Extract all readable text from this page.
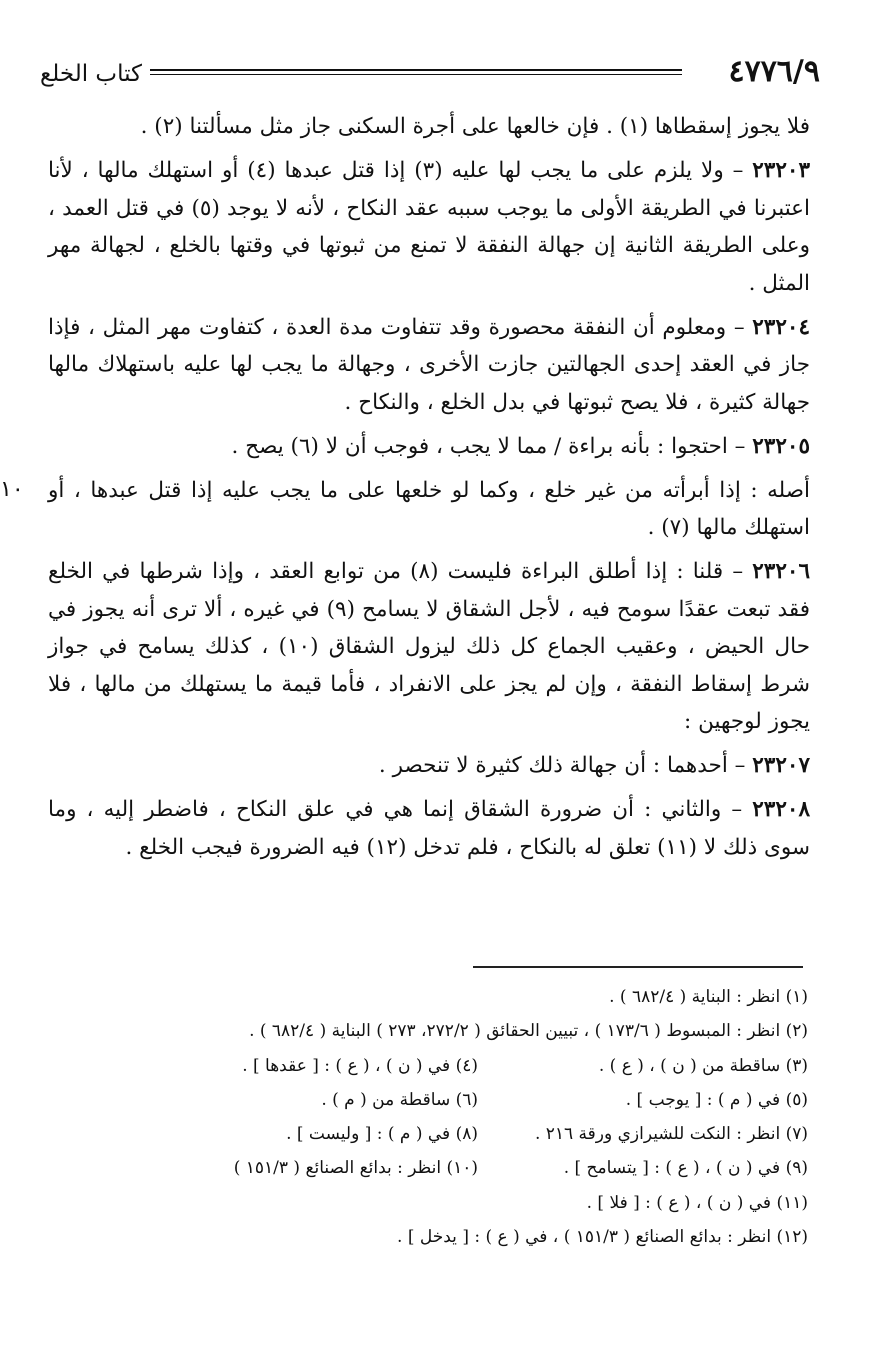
٤٧٧٦/٩
كتاب الخلع
١٠

فلا يجوز إسقطاها (١) . فإن خالعها على أجرة السكنى جاز مثل مسألتنا (٢) .

٢٣٢٠٣ – ولا يلزم على ما يجب لها عليه (٣) إذا قتل عبدها (٤) أو استهلك مالها ، لأنا اعتبرنا في الطريقة الأولى ما يوجب سببه عقد النكاح ، لأنه لا يوجد (٥) في قتل العمد ، وعلى الطريقة الثانية إن جهالة النفقة لا تمنع من ثبوتها في وقتها بالخلع ، لجهالة مهر المثل .

٢٣٢٠٤ – ومعلوم أن النفقة محصورة وقد تتفاوت مدة العدة ، كتفاوت مهر المثل ، فإذا جاز في العقد إحدى الجهالتين جازت الأخرى ، وجهالة ما يجب لها عليه باستهلاك مالها جهالة كثيرة ، فلا يصح ثبوتها في بدل الخلع ، والنكاح .

٢٣٢٠٥ – احتجوا : بأنه براءة / مما لا يجب ، فوجب أن لا (٦) يصح .

أصله : إذا أبرأته من غير خلع ، وكما لو خلعها على ما يجب عليه إذا قتل عبدها ، أو استهلك مالها (٧) .

٢٣٢٠٦ – قلنا : إذا أطلق البراءة فليست (٨) من توابع العقد ، وإذا شرطها في الخلع فقد تبعت عقدًا سومح فيه ، لأجل الشقاق لا يسامح (٩) في غيره ، ألا ترى أنه يجوز في حال الحيض ، وعقيب الجماع كل ذلك ليزول الشقاق (١٠) ، كذلك يسامح في جواز شرط إسقاط النفقة ، وإن لم يجز على الانفراد ، فأما قيمة ما يستهلك من مالها ، فلا يجوز لوجهين :

٢٣٢٠٧ – أحدهما : أن جهالة ذلك كثيرة لا تنحصر .

٢٣٢٠٨ – والثاني : أن ضرورة الشقاق إنما هي في علق النكاح ، فاضطر إليه ، وما سوى ذلك لا (١١) تعلق له بالنكاح ، فلم تدخل (١٢) فيه الضرورة فيجب الخلع .

(١) انظر : البناية ( ٦٨٢/٤ ) .
(٢) انظر : المبسوط ( ١٧٣/٦ ) ، تبيين الحقائق ( ٢٧٢/٢، ٢٧٣ ) البناية ( ٦٨٢/٤ ) .
(٣) ساقطة من ( ن ) ، ( ع ) .
(٤) في ( ن ) ، ( ع ) : [ عقدها ] .
(٥) في ( م ) : [ يوجب ] .
(٦) ساقطة من ( م ) .
(٧) انظر : النكت للشيرازي ورقة ٢١٦ .
(٨) في ( م ) : [ وليست ] .
(٩) في ( ن ) ، ( ع ) : [ يتسامح ] .
(١٠) انظر : بدائع الصنائع ( ١٥١/٣ )
(١١) في ( ن ) ، ( ع ) : [ فلا ] .
(١٢) انظر : بدائع الصنائع ( ١٥١/٣ ) ، في ( ع ) : [ يدخل ] .
